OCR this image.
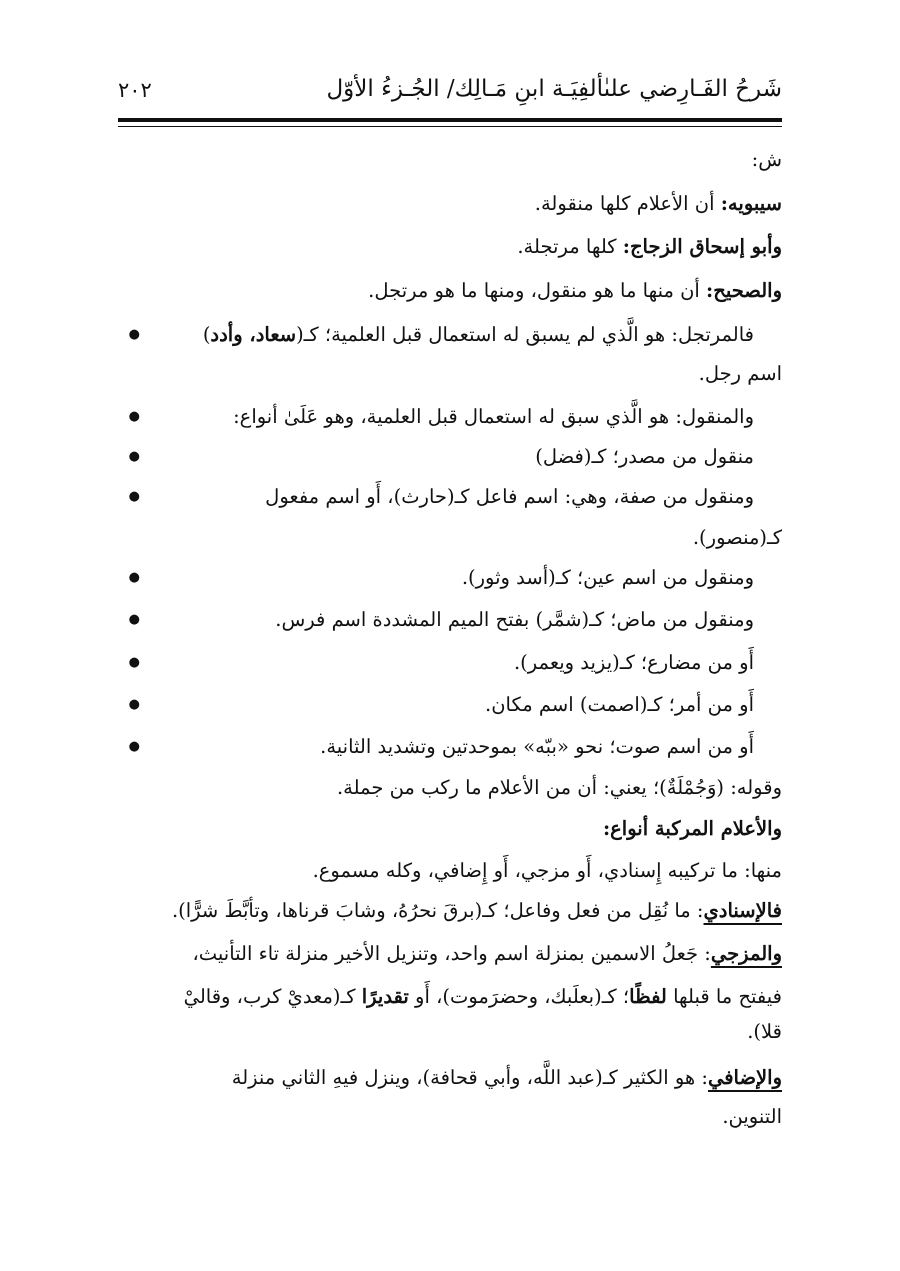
شَرحُ الفَـارِضي علىٰألفِيَـة ابنِ مَـالِك/ الجُـزءُ الأوّل
٢٠٢
ش:
سيبويه: أن الأعلام كلها منقولة.
وأبو إسحاق الزجاج: كلها مرتجلة.
والصحيح: أن منها ما هو منقول، ومنها ما هو مرتجل.
●	فالمرتجل: هو الَّذي لم يسبق له استعمال قبل العلمية؛ كـ(سعاد، وأدد)
اسم رجل.
●	والمنقول: هو الَّذي سبق له استعمال قبل العلمية، وهو عَلَىٰ أنواع:
●	منقول من مصدر؛ كـ(فضل)
●	ومنقول من صفة، وهي: اسم فاعل كـ(حارث)، أَو اسم مفعول
كـ(منصور).
●	ومنقول من اسم عين؛ كـ(أسد وثور).
●	ومنقول من ماض؛ كـ(شمَّر) بفتح الميم المشددة اسم فرس.
●	أَو من مضارع؛ كـ(يزيد ويعمر).
●	أَو من أمر؛ كـ(اصمت) اسم مكان.
●	أَو من اسم صوت؛ نحو «ببّه» بموحدتين وتشديد الثانية.
وقوله: (وَجُمْلَةٌ)؛ يعني: أن من الأعلام ما ركب من جملة.
والأعلام المركبة أنواع:
منها: ما تركيبه إِسنادي، أَو مزجي، أَو إِضافي، وكله مسموع.
فالإسنادي: ما نُقِل من فعل وفاعل؛ كـ(برقَ نحرُهُ، وشابَ قرناها، وتأبَّطَ شرًّا).
والمزجي: جَعلُ الاسمين بمنزلة اسم واحد، وتنزيل الأخير منزلة تاء التأنيث،
فيفتح ما قبلها لفظًا؛ كـ(بعلَبك، وحضرَموت)، أَو تقديرًا كـ(معديْ كرب، وقاليْ
قلا).
والإضافي: هو الكثير كـ(عبد اللَّه، وأبي قحافة)، وينزل فيهِ الثاني منزلة
التنوين.
